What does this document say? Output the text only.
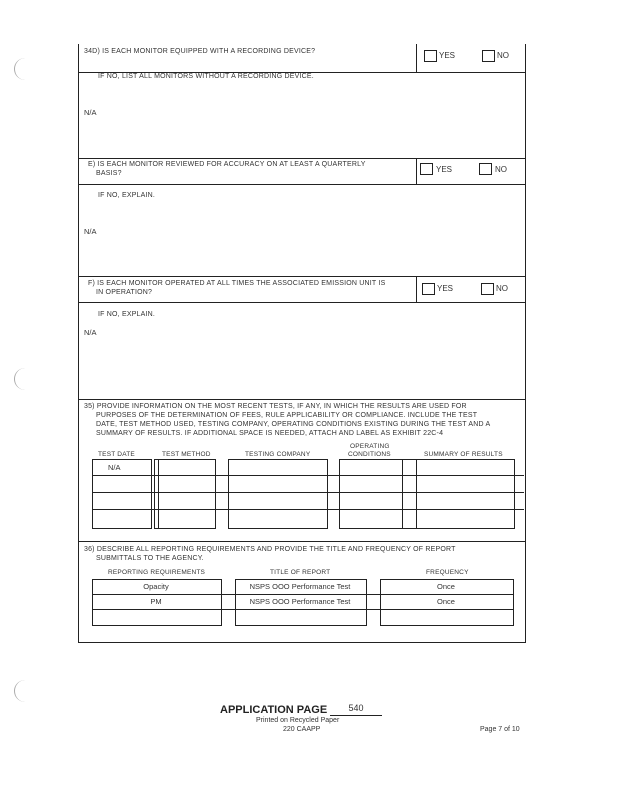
34D) IS EACH MONITOR EQUIPPED WITH A RECORDING DEVICE?	YES	NO
IF NO, LIST ALL MONITORS WITHOUT A RECORDING DEVICE.
N/A
E) IS EACH MONITOR REVIEWED FOR ACCURACY ON AT LEAST A QUARTERLY
BASIS?	YES	NO
IF NO, EXPLAIN.
N/A
F) IS EACH MONITOR OPERATED AT ALL TIMES THE ASSOCIATED EMISSION UNIT IS
IN OPERATION?	YES	NO
IF NO, EXPLAIN.
N/A
35) PROVIDE INFORMATION ON THE MOST RECENT TESTS, IF ANY, IN WHICH THE RESULTS ARE USED FOR
PURPOSES OF THE DETERMINATION OF FEES, RULE APPLICABILITY OR COMPLIANCE. INCLUDE THE TEST
DATE, TEST METHOD USED, TESTING COMPANY, OPERATING CONDITIONS EXISTING DURING THE TEST AND A
SUMMARY OF RESULTS. IF ADDITIONAL SPACE IS NEEDED, ATTACH AND LABEL AS EXHIBIT 22C-4
TEST DATE	TEST METHOD	TESTING COMPANY
OPERATING
CONDITIONS	SUMMARY OF RESULTS
N/A
36) DESCRIBE ALL REPORTING REQUIREMENTS AND PROVIDE THE TITLE AND FREQUENCY OF REPORT
SUBMITTALS TO THE AGENCY.
REPORTING REQUIREMENTS	TITLE OF REPORT	FREQUENCY
Opacity	NSPS OOO Performance Test	Once
PM	NSPS OOO Performance Test	Once
APPLICATION PAGE	540
Printed on Recycled Paper
220 CAAPP	Page 7 of 10
